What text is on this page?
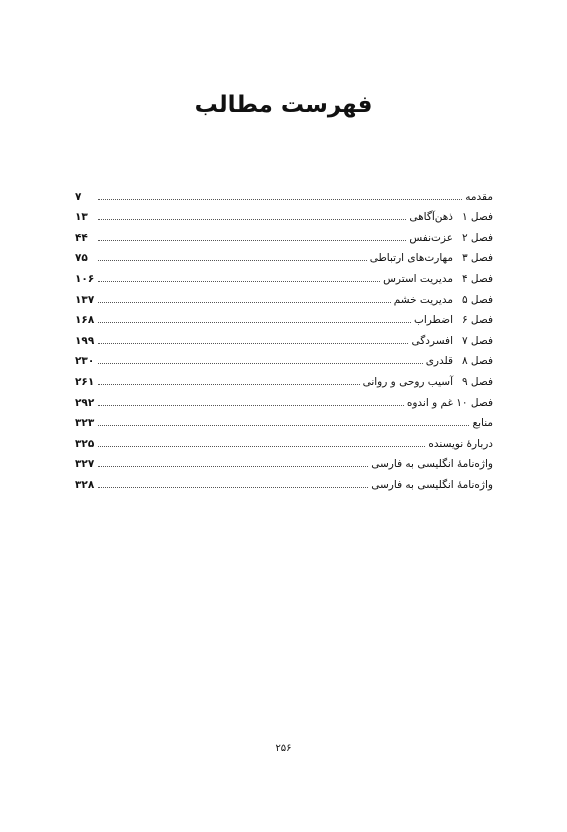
فهرست مطالب
مقدمه
۷
فصل ۱
ذهن‌آگاهی
۱۳
فصل ۲
عزت‌نفس
۴۴
فصل ۳
مهارت‌های ارتباطی
۷۵
فصل ۴
مدیریت استرس
۱۰۶
فصل ۵
مدیریت خشم
۱۳۷
فصل ۶
اضطراب
۱۶۸
فصل ۷
افسردگی
۱۹۹
فصل ۸
قلدری
۲۳۰
فصل ۹
آسیب روحی و روانی
۲۶۱
فصل ۱۰
غم و اندوه
۲۹۲
منابع
۳۲۳
دربارهٔ نویسنده
۳۲۵
واژه‌نامهٔ انگلیسی به فارسی
۳۲۷
واژه‌نامهٔ انگلیسی به فارسی
۳۲۸
۲۵۶
